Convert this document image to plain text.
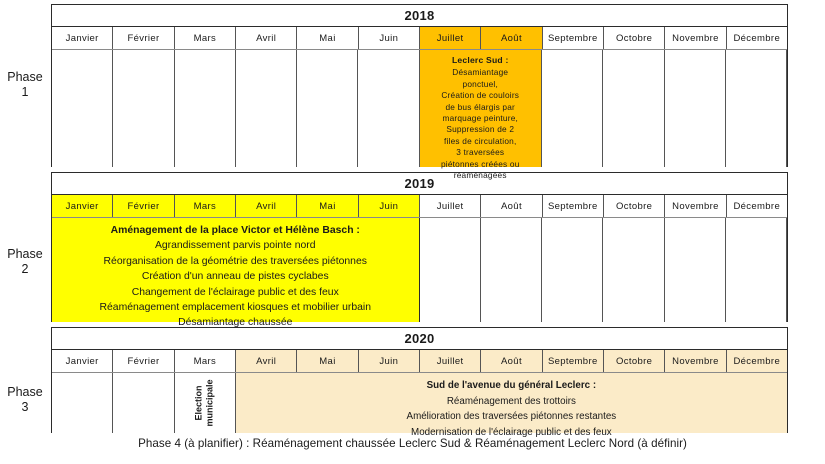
Phase
1
2018
Janvier	Février	Mars	Avril	Mai	Juin	Juillet	Août	Septembre Octobre Novembre Décembre
Leclerc Sud :
Désamiantage
ponctuel,
Création de couloirs
de bus élargis par
marquage peinture,
Suppression de 2
files de circulation,
3 traversées
piétonnes créées ou
réaménagées
Phase
2
2019
Janvier	Février	Mars	Avril	Mai	Juin	Juillet	Août	Septembre Octobre Novembre Décembre
Aménagement de la place Victor et Hélène Basch :
Agrandissement parvis pointe nord
Réorganisation de la géométrie des traversées piétonnes
Création d'un anneau de pistes cyclabes
Changement de l'éclairage public et des feux
Réaménagement emplacement kiosques et mobilier urbain
Désamiantage chaussée
Phase
3
2020
Janvier	Février	Mars	Avril	Mai	Juin	Juillet	Août	Septembre Octobre Novembre Décembre
Sud de l'avenue du général Leclerc :
Réaménagement des trottoirs
Amélioration des traversées piétonnes restantes
Modernisation de l'éclairage public et des feux
Election municipale
Phase 4 (à planifier) : Réaménagement chaussée Leclerc Sud & Réaménagement Leclerc Nord (à définir)
